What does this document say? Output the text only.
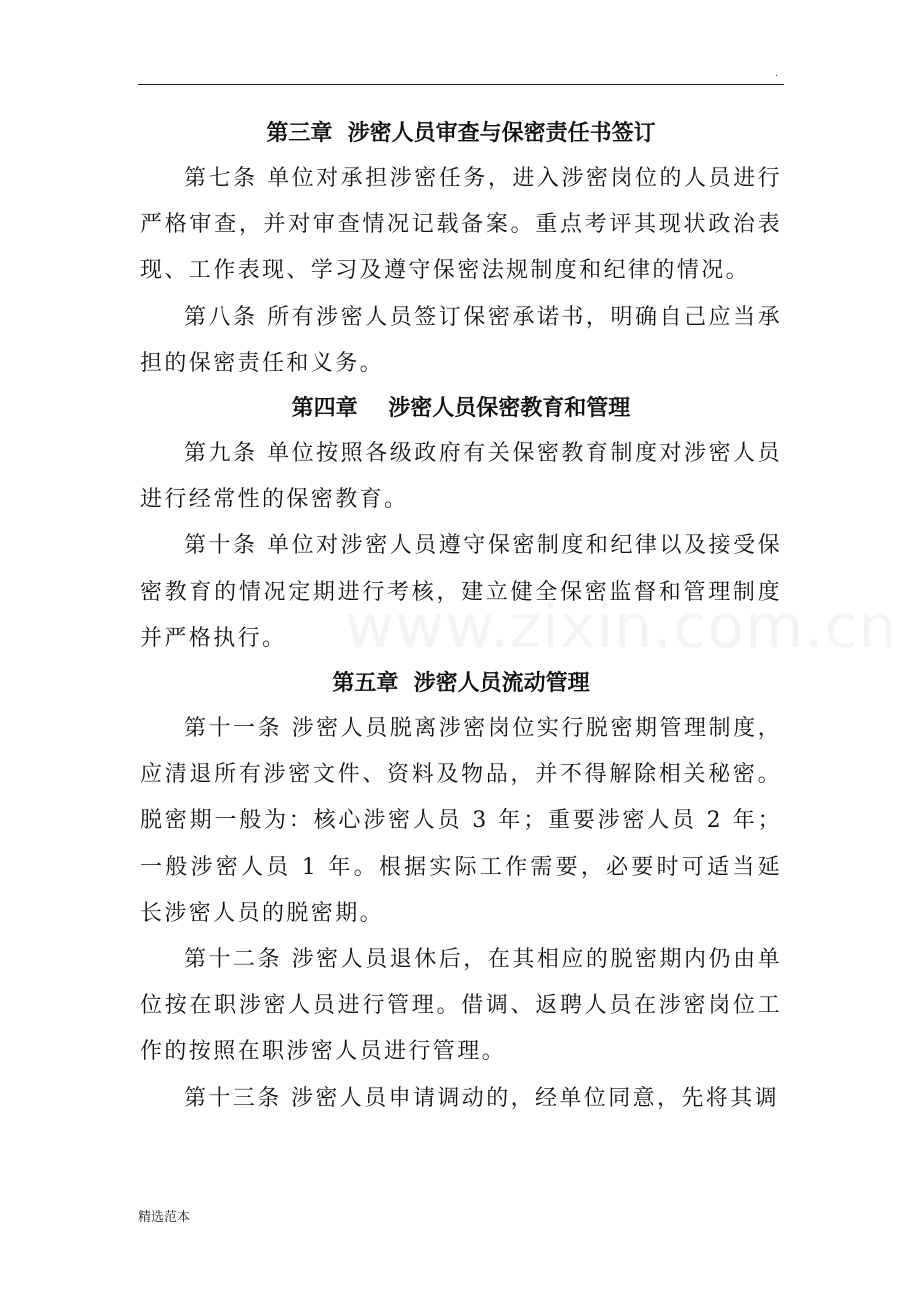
.
第三章  涉密人员审查与保密责任书签订

第七条 单位对承担涉密任务，进入涉密岗位的人员进行严格审查，并对审查情况记载备案。重点考评其现状政治表现、工作表现、学习及遵守保密法规制度和纪律的情况。

第八条 所有涉密人员签订保密承诺书，明确自己应当承担的保密责任和义务。

第四章    涉密人员保密教育和管理

第九条 单位按照各级政府有关保密教育制度对涉密人员进行经常性的保密教育。

第十条 单位对涉密人员遵守保密制度和纪律以及接受保密教育的情况定期进行考核，建立健全保密监督和管理制度并严格执行。

第五章  涉密人员流动管理

第十一条 涉密人员脱离涉密岗位实行脱密期管理制度，应清退所有涉密文件、资料及物品，并不得解除相关秘密。脱密期一般为：核心涉密人员 3 年；重要涉密人员 2 年；一般涉密人员 1 年。根据实际工作需要，必要时可适当延长涉密人员的脱密期。

第十二条 涉密人员退休后，在其相应的脱密期内仍由单位按在职涉密人员进行管理。借调、返聘人员在涉密岗位工作的按照在职涉密人员进行管理。

第十三条 涉密人员申请调动的，经单位同意，先将其调

精选范本
